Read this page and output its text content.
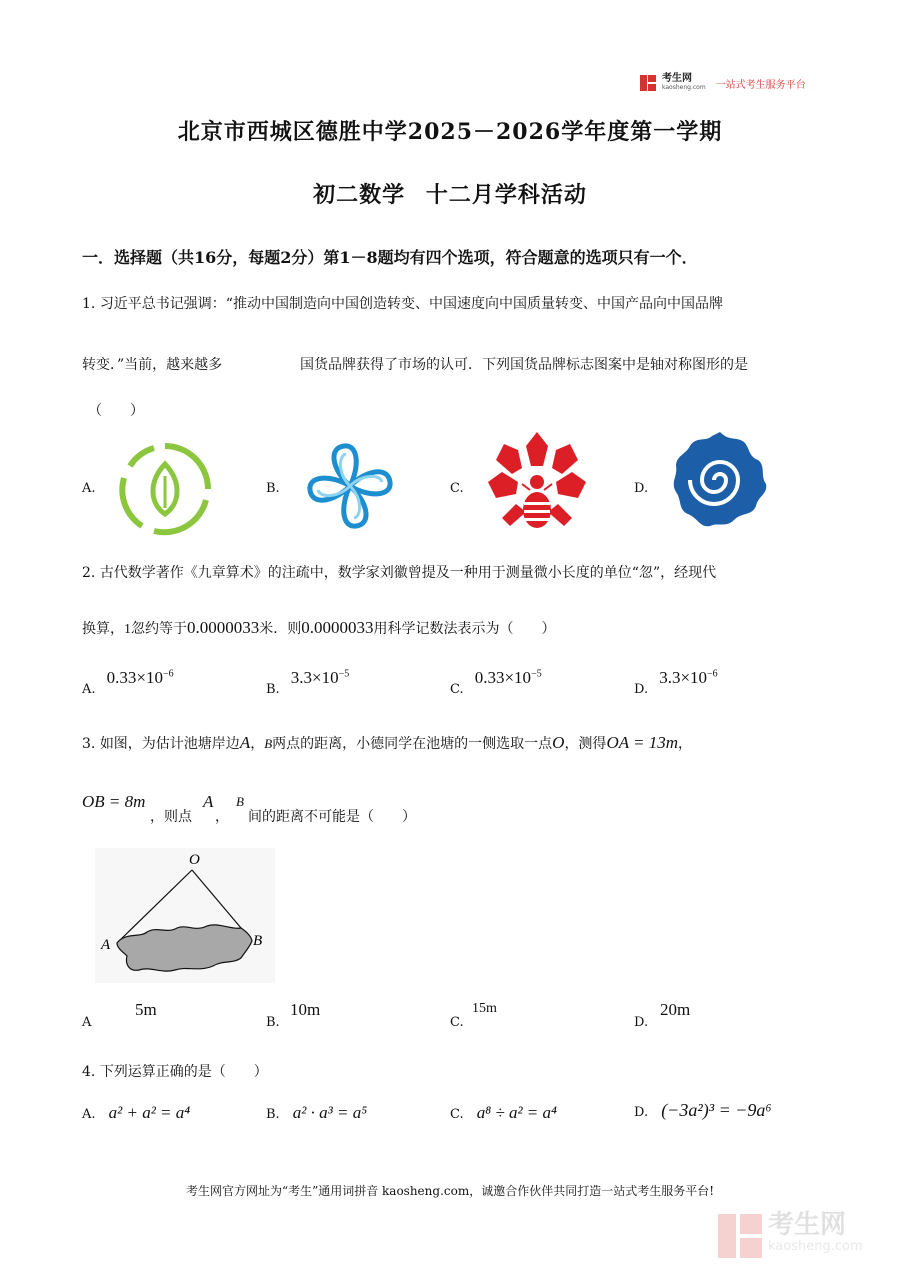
考生网
kaosheng.com 一站式考生服务平台
北京市西城区德胜中学2025－2026学年度第一学期
初二数学 十二月学科活动
一．选择题（共16分，每题2分）第1－8题均有四个选项，符合题意的选项只有一个．
1. 习近平总书记强调：“推动中国制造向中国创造转变、中国速度向中国质量转变、中国产品向中国品牌
转变．”当前，越来越多	国货品牌获得了市场的认可．下列国货品牌标志图案中是轴对称图形的是
（　　）
A.	B.	C.	D.
2. 古代数学著作《九章算术》的注疏中，数学家刘徽曾提及一种用于测量微小长度的单位“忽”，经现代
换算，1忽约等于0.0000033米．则0.0000033用科学记数法表示为（　　）
$_{A.}$ $0.33\times 10^{-6}$
$_{B.}$ $3.3\times 10^{-5}$
$_{C.}$ $0.33\times 10^{-5}$
$_{D.}$ $3.3\times 10^{-6}$
3. 如图，为估计池塘岸边A，B两点的距离，小德同学在池塘的一侧选取一点O，测得OA = 13m，
OB = 8m
，则点
A
，
B
间的距离不可能是（　　）
O
A	B
A
5m
B.
10m
C.
15m
D.
20m
4. 下列运算正确的是（　　）
A. a² + a² = a⁴	B. a² · a³ = a⁵	C. a⁸ ÷ a² = a⁴	D. (−3a²)³ = −9a⁶
考生网官方网址为“考生”通用词拼音 kaosheng.com，诚邀合作伙伴共同打造一站式考生服务平台!
考生网
kaosheng.com
